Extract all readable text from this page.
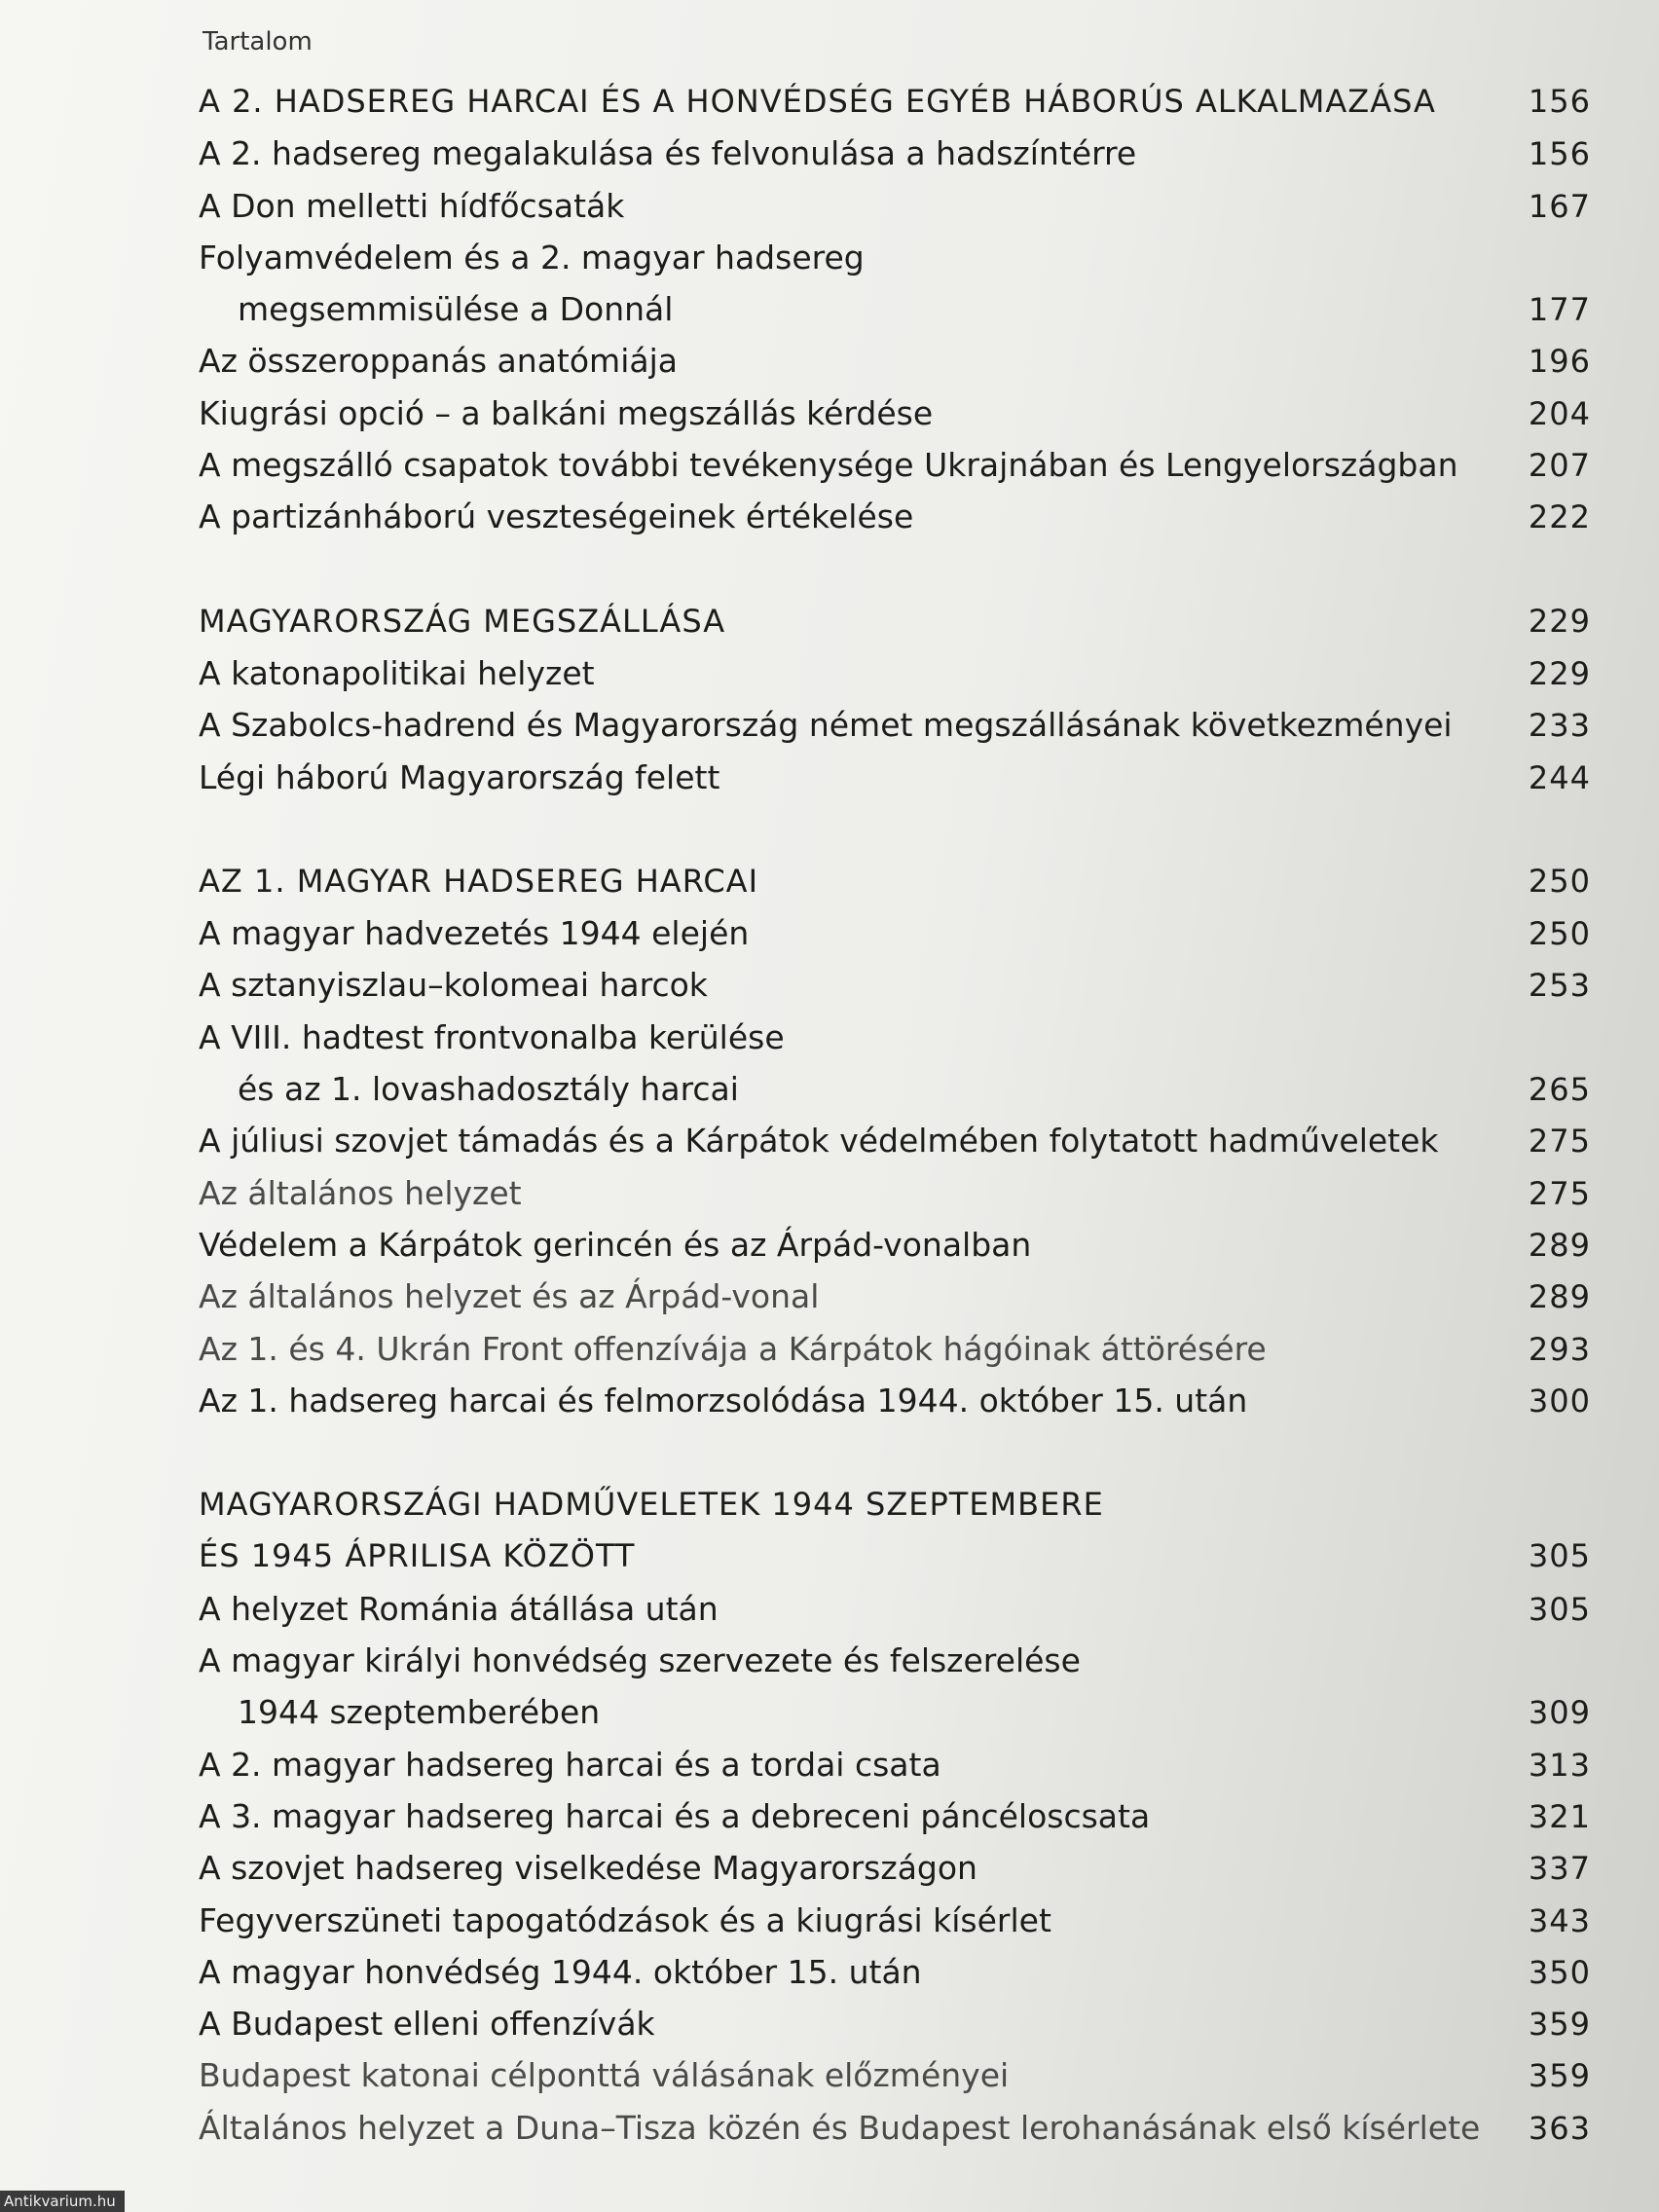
Tartalom
A 2. HADSEREG HARCAI ÉS A HONVÉDSÉG EGYÉB HÁBORÚS ALKALMAZÁSA	156
A 2. hadsereg megalakulása és felvonulása a hadszíntérre	156
A Don melletti hídfőcsaták	167
Folyamvédelem és a 2. magyar hadsereg
megsemmisülése a Donnál	177
Az összeroppanás anatómiája	196
Kiugrási opció – a balkáni megszállás kérdése	204
A megszálló csapatok további tevékenysége Ukrajnában és Lengyelországban	207
A partizánháború veszteségeinek értékelése	222
MAGYARORSZÁG MEGSZÁLLÁSA	229
A katonapolitikai helyzet	229
A Szabolcs-hadrend és Magyarország német megszállásának következményei	233
Légi háború Magyarország felett	244
AZ 1. MAGYAR HADSEREG HARCAI	250
A magyar hadvezetés 1944 elején	250
A sztanyiszlau–kolomeai harcok	253
A VIII. hadtest frontvonalba kerülése
és az 1. lovashadosztály harcai	265
A júliusi szovjet támadás és a Kárpátok védelmében folytatott hadműveletek	275
Az általános helyzet	275
Védelem a Kárpátok gerincén és az Árpád-vonalban	289
Az általános helyzet és az Árpád-vonal	289
Az 1. és 4. Ukrán Front offenzívája a Kárpátok hágóinak áttörésére	293
Az 1. hadsereg harcai és felmorzsolódása 1944. október 15. után	300
MAGYARORSZÁGI HADMŰVELETEK 1944 SZEPTEMBERE
ÉS 1945 ÁPRILISA KÖZÖTT	305
A helyzet Románia átállása után	305
A magyar királyi honvédség szervezete és felszerelése
1944 szeptemberében	309
A 2. magyar hadsereg harcai és a tordai csata	313
A 3. magyar hadsereg harcai és a debreceni páncéloscsata	321
A szovjet hadsereg viselkedése Magyarországon	337
Fegyverszüneti tapogatódzások és a kiugrási kísérlet	343
A magyar honvédség 1944. október 15. után	350
A Budapest elleni offenzívák	359
Budapest katonai célponttá válásának előzményei	359
Általános helyzet a Duna–Tisza közén és Budapest lerohanásának első kísérlete	363
Antikvarium.hu
